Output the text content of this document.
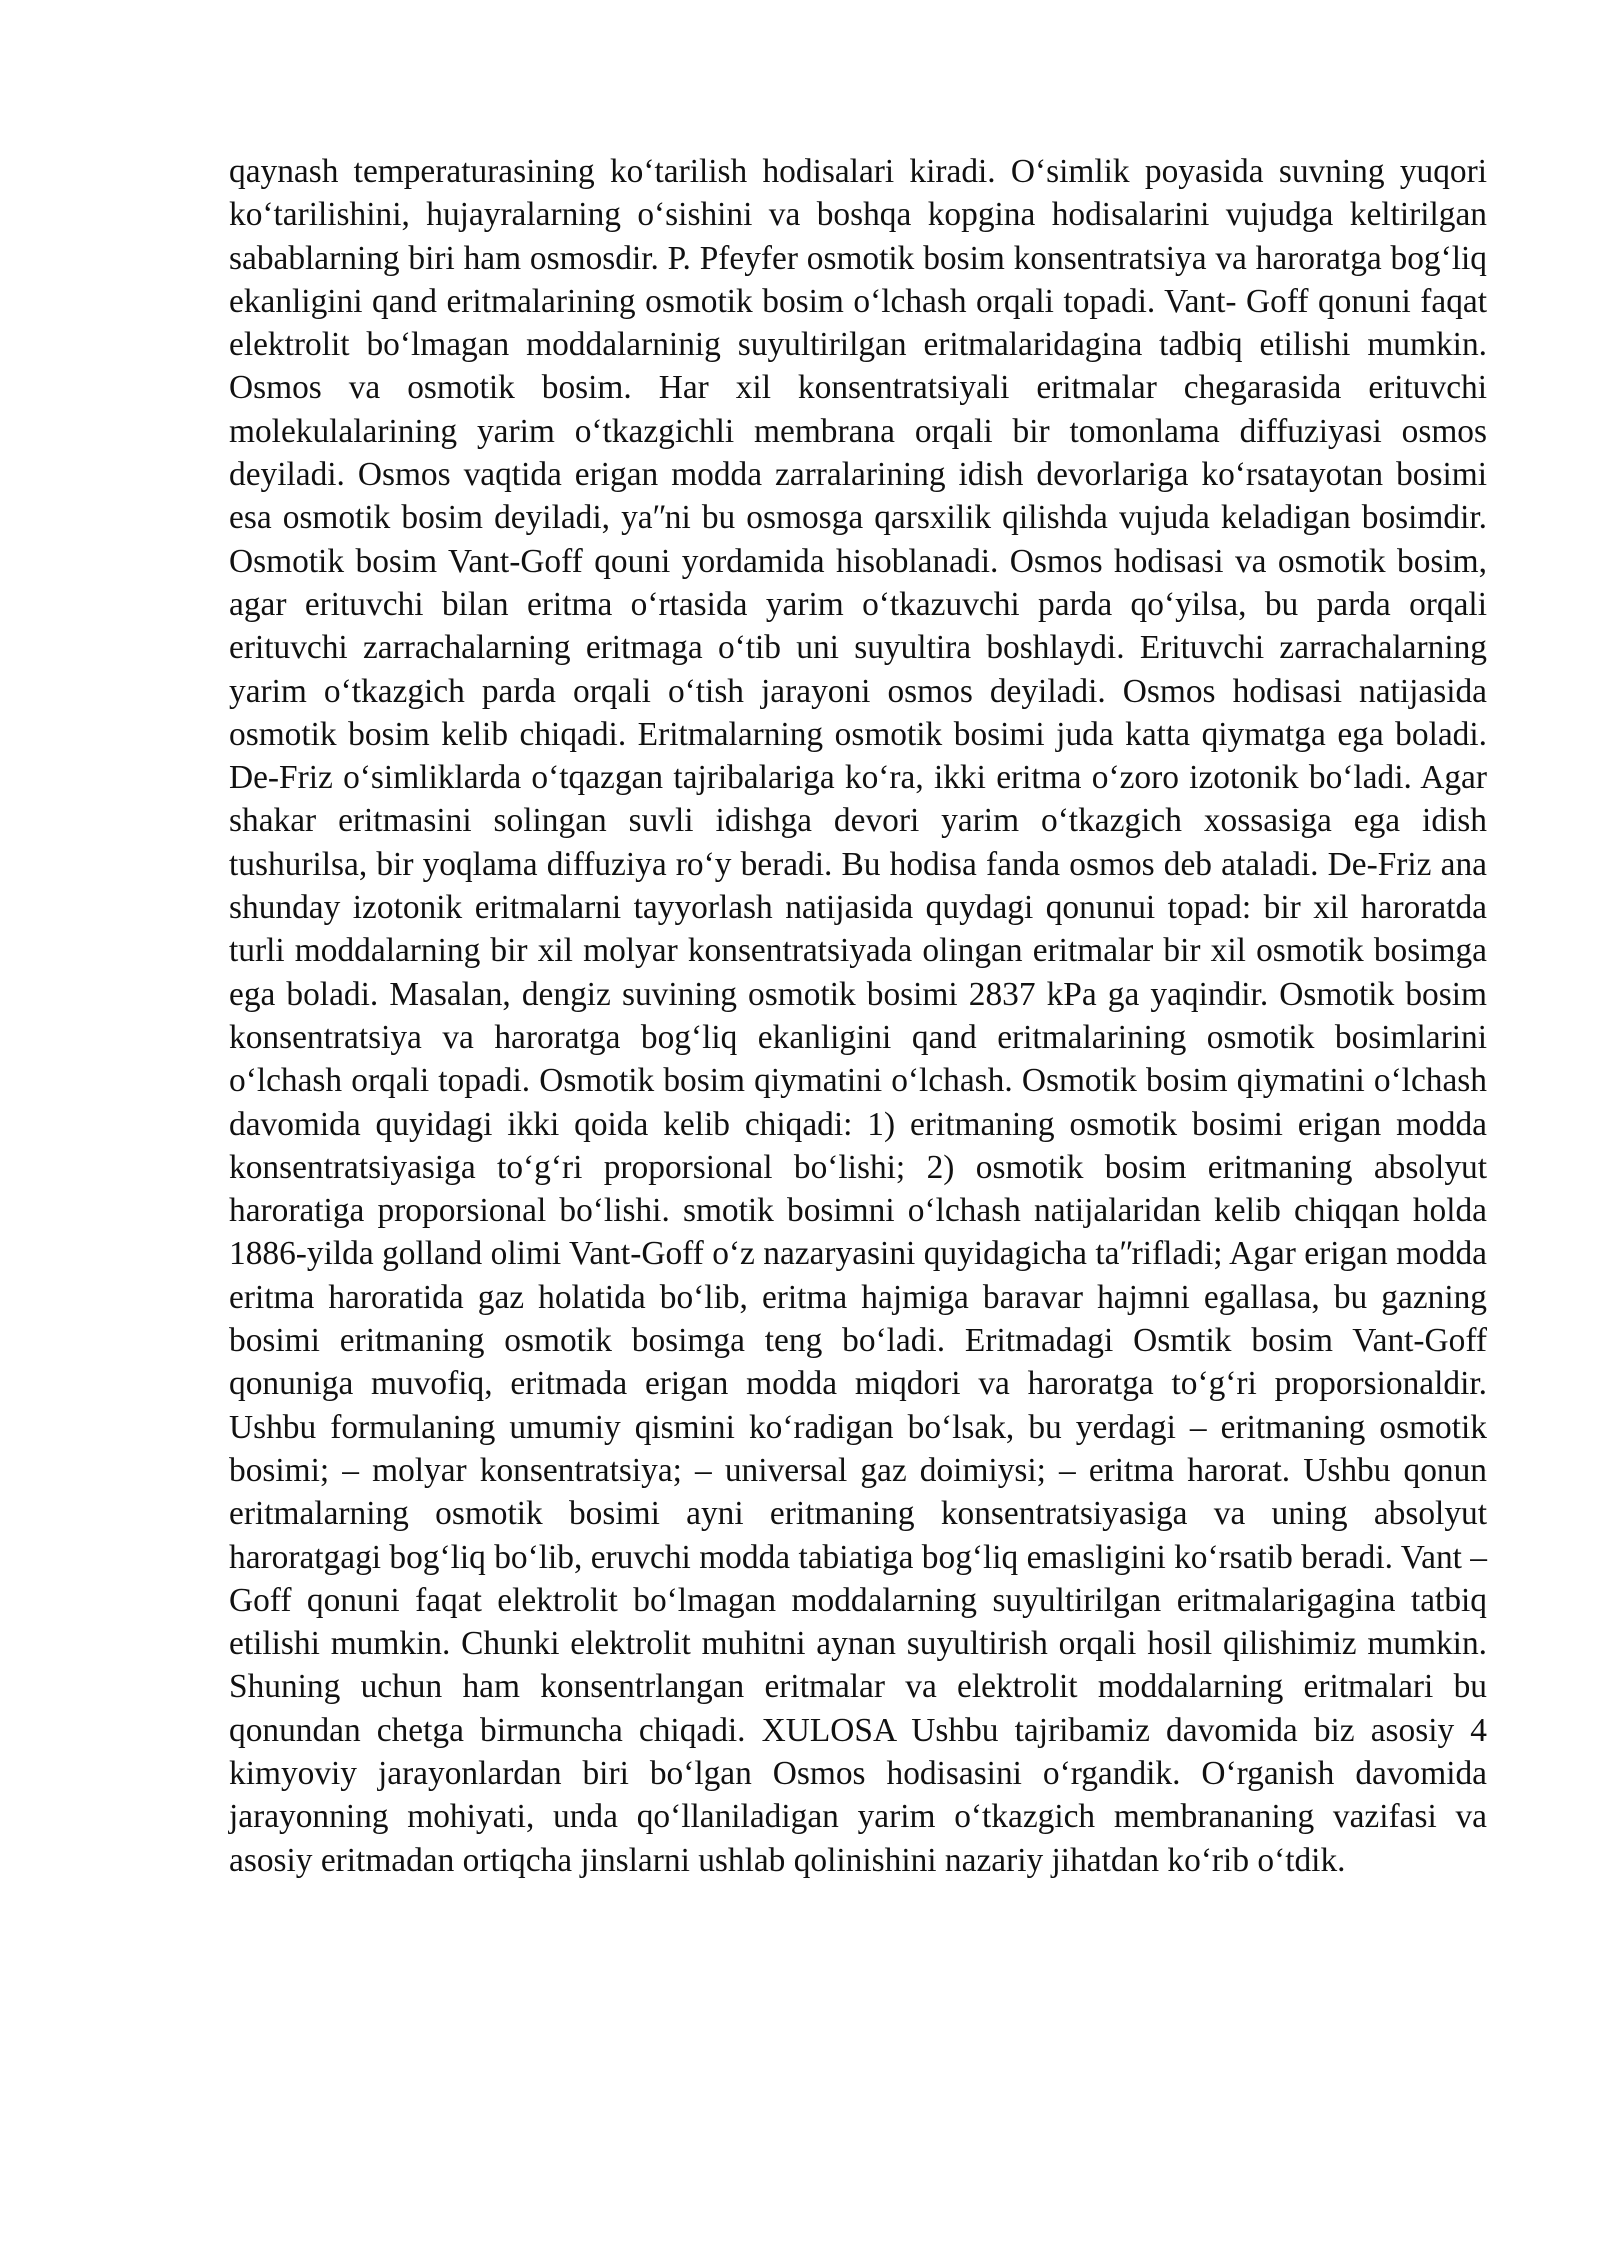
qaynash temperaturasining koʻtarilish hodisalari kiradi. Oʻsimlik poyasida suvning yuqori koʻtarilishini, hujayralarning oʻsishini va boshqa kopgina hodisalarini vujudga keltirilgan sabablarning biri ham osmosdir. P. Pfeyfer osmotik bosim konsentratsiya va haroratga bogʻliq ekanligini qand eritmalarining osmotik bosim oʻlchash orqali topadi. Vant- Goff qonuni faqat elektrolit boʻlmagan moddalarninig suyultirilgan eritmalaridagina tadbiq etilishi mumkin. Osmos va osmotik bosim. Har xil konsentratsiyali eritmalar chegarasida erituvchi molekulalarining yarim oʻtkazgichli membrana orqali bir tomonlama diffuziyasi osmos deyiladi. Osmos vaqtida erigan modda zarralarining idish devorlariga koʻrsatayotan bosimi esa osmotik bosim deyiladi, yaʺni bu osmosga qarsxilik qilishda vujuda keladigan bosimdir. Osmotik bosim Vant-Goff qouni yordamida hisoblanadi. Osmos hodisasi va osmotik bosim, agar erituvchi bilan eritma oʻrtasida yarim oʻtkazuvchi parda qoʻyilsa, bu parda orqali erituvchi zarrachalarning eritmaga oʻtib uni suyultira boshlaydi. Erituvchi zarrachalarning yarim oʻtkazgich parda orqali oʻtish jarayoni osmos deyiladi. Osmos hodisasi natijasida osmotik bosim kelib chiqadi. Eritmalarning osmotik bosimi juda katta qiymatga ega boladi. De-Friz oʻsimliklarda oʻtqazgan tajribalariga koʻra, ikki eritma oʻzoro izotonik boʻladi. Agar shakar eritmasini solingan suvli idishga devori yarim oʻtkazgich xossasiga ega idish tushurilsa, bir yoqlama diffuziya roʻy beradi. Bu hodisa fanda osmos deb ataladi. De-Friz ana shunday izotonik eritmalarni tayyorlash natijasida quydagi qonunui topad: bir xil haroratda turli moddalarning bir xil molyar konsentratsiyada olingan eritmalar bir xil osmotik bosimga ega boladi. Masalan, dengiz suvining osmotik bosimi 2837 kPa ga yaqindir. Osmotik bosim konsentratsiya va haroratga bogʻliq ekanligini qand eritmalarining osmotik bosimlarini oʻlchash orqali topadi. Osmotik bosim qiymatini oʻlchash. Osmotik bosim qiymatini oʻlchash davomida quyidagi ikki qoida kelib chiqadi: 1) eritmaning osmotik bosimi erigan modda konsentratsiyasiga toʻgʻri proporsional boʻlishi; 2) osmotik bosim eritmaning absolyut haroratiga proporsional boʻlishi. smotik bosimni oʻlchash natijalaridan kelib chiqqan holda 1886-yilda golland olimi Vant-Goff oʻz nazaryasini quyidagicha taʺrifladi; Agar erigan modda eritma haroratida gaz holatida boʻlib, eritma hajmiga baravar hajmni egallasa, bu gazning bosimi eritmaning osmotik bosimga teng boʻladi. Eritmadagi Osmtik bosim Vant-Goff qonuniga muvofiq, eritmada erigan modda miqdori va haroratga toʻgʻri proporsionaldir. Ushbu formulaning umumiy qismini koʻradigan boʻlsak, bu yerdagi – eritmaning osmotik bosimi; – molyar konsentratsiya; – universal gaz doimiysi; – eritma harorat. Ushbu qonun eritmalarning osmotik bosimi ayni eritmaning konsentratsiyasiga va uning absolyut haroratgagi bogʻliq boʻlib, eruvchi modda tabiatiga bogʻliq emasligini koʻrsatib beradi. Vant – Goff qonuni faqat elektrolit boʻlmagan moddalarning suyultirilgan eritmalarigagina tatbiq etilishi mumkin. Chunki elektrolit muhitni aynan suyultirish orqali hosil qilishimiz mumkin. Shuning uchun ham konsentrlangan eritmalar va elektrolit moddalarning eritmalari bu qonundan chetga birmuncha chiqadi. XULOSA Ushbu tajribamiz davomida biz asosiy 4 kimyoviy jarayonlardan biri boʻlgan Osmos hodisasini oʻrgandik. Oʻrganish davomida jarayonning mohiyati, unda qoʻllaniladigan yarim oʻtkazgich membrananing vazifasi va asosiy eritmadan ortiqcha jinslarni ushlab qolinishini nazariy jihatdan koʻrib oʻtdik.
